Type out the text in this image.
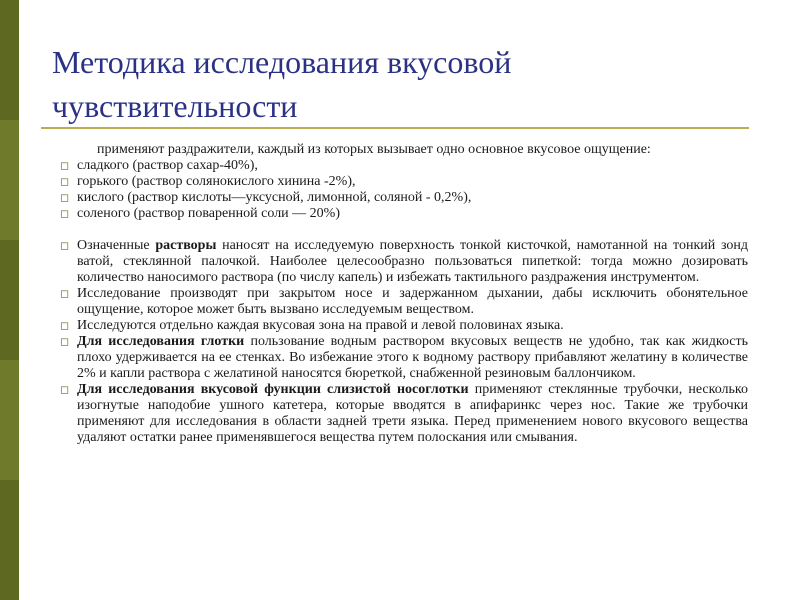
Методика исследования вкусовой чувствительности

применяют раздражители, каждый из которых вызывает одно основное вкусовое ощущение:

◻ сладкого (раствор сахар-40%),

◻ горького (раствор солянокислого хинина -2%),

◻ кислого (раствор кислоты—уксусной, лимонной, соляной - 0,2%),

◻ соленого (раствор поваренной соли — 20%)

◻ Означенные растворы наносят на исследуемую поверхность тонкой кисточкой, намотанной на тонкий зонд ватой, стеклянной палочкой. Наиболее целесообразно пользоваться пипеткой: тогда можно дозировать количество наносимого раствора (по числу капель) и избежать тактильного раздражения инструментом.

◻ Исследование производят при закрытом носе и задержанном дыхании, дабы исключить обонятельное ощущение, которое может быть вызвано исследуемым веществом.

◻ Исследуются отдельно каждая вкусовая зона на правой и левой половинах языка.

◻ Для исследования глотки пользование водным раствором вкусовых веществ не удобно, так как жидкость плохо удерживается на ее стенках. Во избежание этого к водному раствору прибавляют желатину в количестве 2% и капли раствора с желатиной наносятся бюреткой, снабженной резиновым баллончиком.

◻ Для исследования вкусовой функции слизистой носоглотки применяют стеклянные трубочки, несколько изогнутые наподобие ушного катетера, которые вводятся в апифаринкс через нос. Такие же трубочки применяют для исследования в области задней трети языка. Перед применением нового вкусового вещества удаляют остатки ранее применявшегося вещества путем полоскания или смывания.
